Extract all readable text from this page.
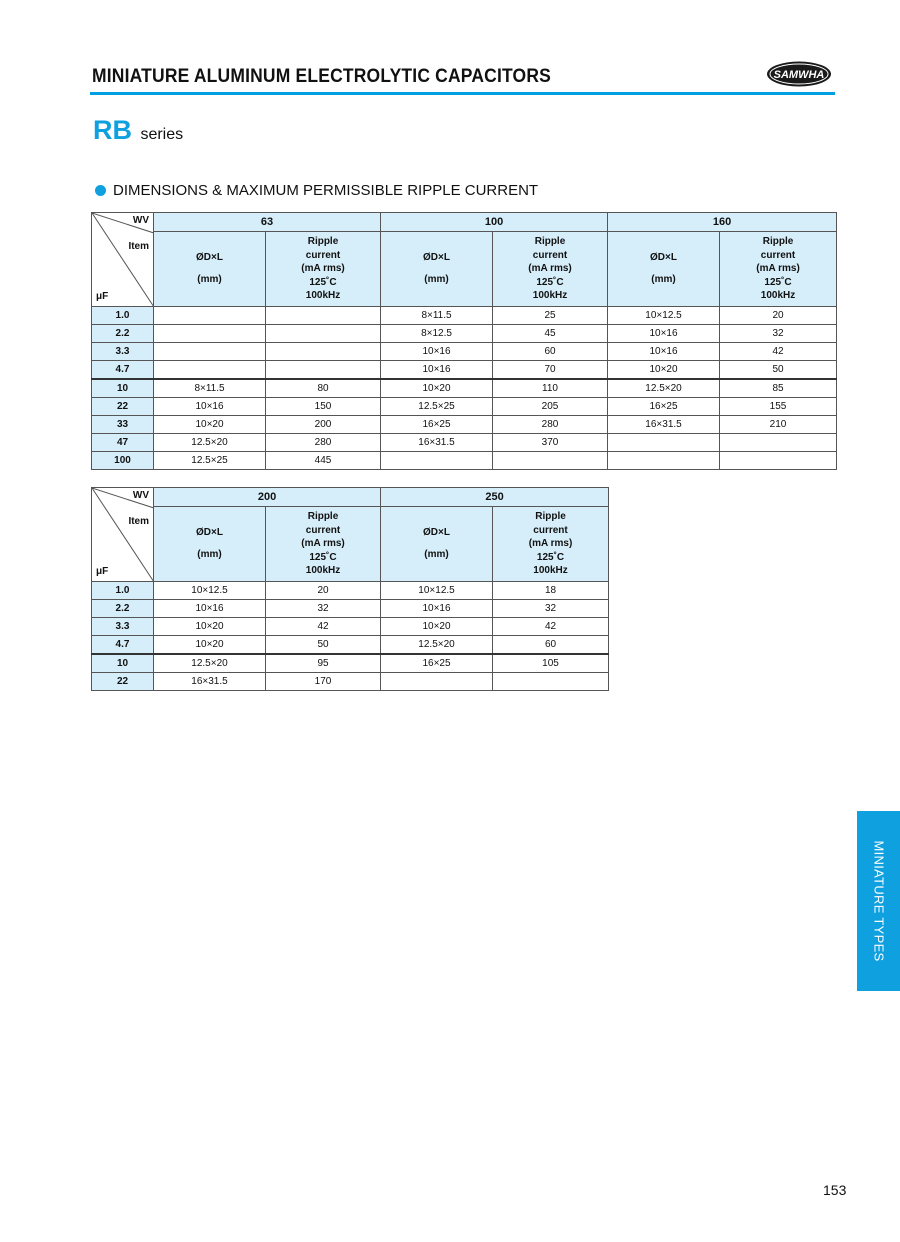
MINIATURE ALUMINUM ELECTROLYTIC CAPACITORS	SAMWHA
RB series
DIMENSIONS & MAXIMUM PERMISSIBLE RIPPLE CURRENT
WV
Item
μF	63		100		160	

	ØD×L
(mm)	Ripple
current
(mA rms)
125˚C
100kHz	ØD×L
(mm)	Ripple
current
(mA rms)
125˚C
100kHz	ØD×L
(mm)	Ripple
current
(mA rms)
125˚C
100kHz

1.0			8×11.5	25	10×12.5	20
2.2			8×12.5	45	10×16	32
3.3			10×16	60	10×16	42
4.7			10×16	70	10×20	50
10	8×11.5	80	10×20	110	12.5×20	85
22	10×16	150	12.5×25	205	16×25	155
33	10×20	200	16×25	280	16×31.5	210
47	12.5×20	280	16×31.5	370		
100	12.5×25	445				
WV
Item
μF	200		250	

	ØD×L
(mm)	Ripple
current
(mA rms)
125˚C
100kHz	ØD×L
(mm)	Ripple
current
(mA rms)
125˚C
100kHz

1.0	10×12.5	20	10×12.5	18
2.2	10×16	32	10×16	32
3.3	10×20	42	10×20	42
4.7	10×20	50	12.5×20	60
10	12.5×20	95	16×25	105
22	16×31.5	170		
MINIATURE TYPES
153
